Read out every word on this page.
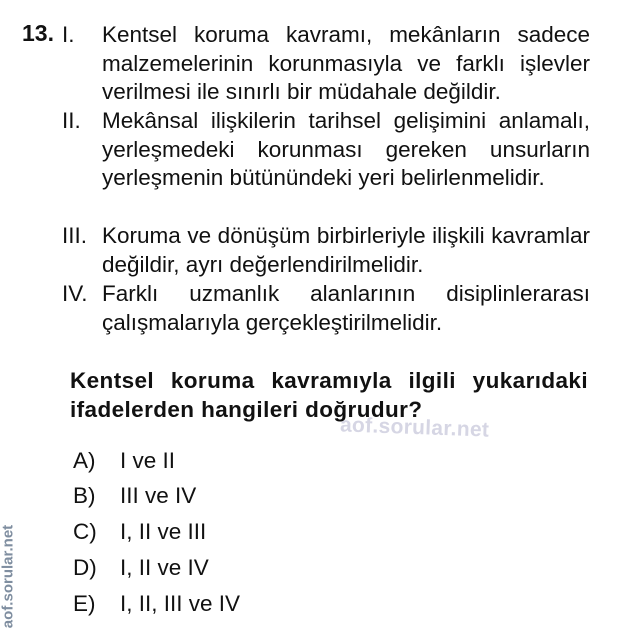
13. I. Kentsel koruma kavramı, mekânların sadece malzemelerinin korunmasıyla ve farklı işlevler verilmesi ile sınırlı bir müdahale değildir.
II. Mekânsal ilişkilerin tarihsel gelişimini anlamalı, yerleşmedeki korunması gereken unsurların yerleşmenin bütünündeki yeri belirlenmelidir.
III. Koruma ve dönüşüm birbirleriyle ilişkili kavramlar değildir, ayrı değerlendirilmelidir.
IV. Farklı uzmanlık alanlarının disiplinlerarası çalışmalarıyla gerçekleştirilmelidir.
Kentsel koruma kavramıyla ilgili yukarıdaki ifadelerden hangileri doğrudur?
aof.sorular.net
A) I ve II
B) III ve IV
C) I, II ve III
D) I, II ve IV
E) I, II, III ve IV
aof.sorular.net
